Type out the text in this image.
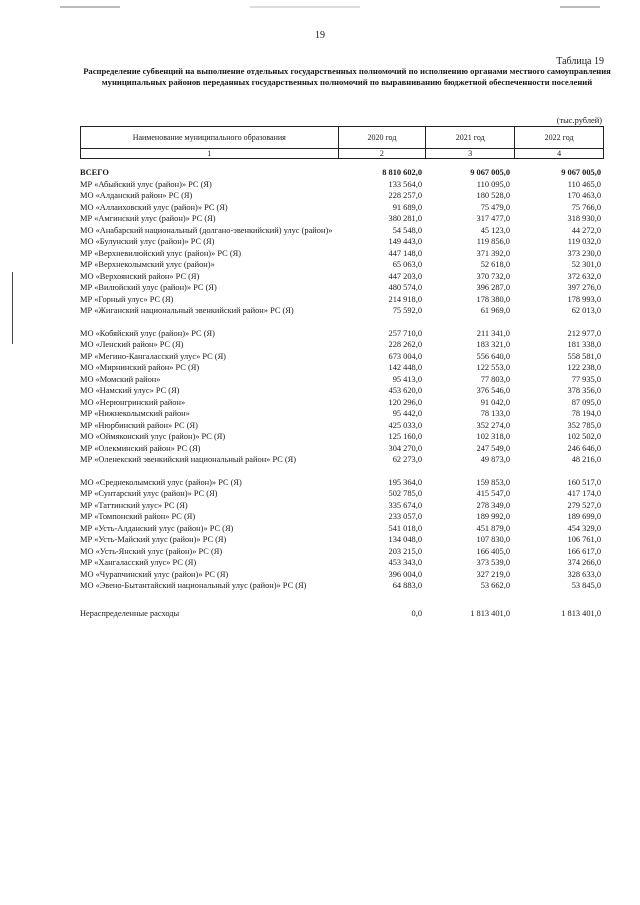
19
Таблица 19
Распределение субвенций на выполнение отдельных государственных полномочий по исполнению органами местного самоуправления муниципальных районов переданных государственных полномочий по выравниванию бюджетной обеспеченности поселений
(тыс.рублей)
Наименование муниципального образования	2020 год	2021 год	2022 год
1	2	3	4
ВСЕГО	8 810 602,0	9 067 005,0	9 067 005,0
МР «Абыйский улус (район)» РС (Я)	133 564,0	110 095,0	110 465,0
МО «Алданский район» РС (Я)	228 257,0	180 528,0	170 463,0
МО «Аллаиховский улус (район)» РС (Я)	91 689,0	75 479,0	75 766,0
МР «Амгинский улус (район)» РС (Я)	380 281,0	317 477,0	318 930,0
МО «Анабарский национальный (долгано-эвенкийский) улус (район)»	54 548,0	45 123,0	44 272,0
МО «Булунский улус (район)» РС (Я)	149 443,0	119 856,0	119 032,0
МР «Верхневилюйский улус (район)» РС (Я)	447 148,0	371 392,0	373 230,0
МР «Верхнеколымский улус (район)»	65 063,0	52 618,0	52 301,0
МО «Верхоянский район» РС (Я)	447 203,0	370 732,0	372 632,0
МР «Вилюйский улус (район)» РС (Я)	480 574,0	396 287,0	397 276,0
МР «Горный улус» РС (Я)	214 918,0	178 380,0	178 993,0
МР «Жиганский национальный эвенкийский район» РС (Я)	75 592,0	61 969,0	62 013,0
МО «Кобяйский улус (район)» РС (Я)	257 710,0	211 341,0	212 977,0
МО «Ленский район» РС (Я)	228 262,0	183 321,0	181 338,0
МР «Мегино-Кангаласский улус» РС (Я)	673 004,0	556 640,0	558 581,0
МО «Мирнинский район» РС (Я)	142 448,0	122 553,0	122 238,0
МО «Момский район»	95 413,0	77 803,0	77 935,0
МО «Намский улус» РС (Я)	453 620,0	376 546,0	378 356,0
МО «Нерюнгринский район»	120 296,0	91 042,0	87 095,0
МР «Нижнеколымский район»	95 442,0	78 133,0	78 194,0
МР «Нюрбинский район» РС (Я)	425 033,0	352 274,0	352 785,0
МО «Оймяконский улус (район)» РС (Я)	125 160,0	102 318,0	102 502,0
МР «Олекминский район» РС (Я)	304 270,0	247 549,0	246 646,0
МР «Оленекский эвенкийский национальный район» РС (Я)	62 273,0	49 873,0	48 216,0
МО «Среднеколымский улус (район)» РС (Я)	195 364,0	159 853,0	160 517,0
МР «Сунтарский улус (район)» РС (Я)	502 785,0	415 547,0	417 174,0
МР «Таттинский улус» РС (Я)	335 674,0	278 349,0	279 527,0
МР «Томпонский район» РС (Я)	233 057,0	189 992,0	189 699,0
МР «Усть-Алданский улус (район)» РС (Я)	541 018,0	451 879,0	454 329,0
МР «Усть-Майский улус (район)» РС (Я)	134 048,0	107 830,0	106 761,0
МО «Усть-Янский улус (район)» РС (Я)	203 215,0	166 405,0	166 617,0
МР «Хангаласский улус» РС (Я)	453 343,0	373 539,0	374 266,0
МО «Чурапчинский улус (район)» РС (Я)	396 004,0	327 219,0	328 633,0
МО «Эвено-Бытантайский национальный улус (район)» РС (Я)	64 883,0	53 662,0	53 845,0
Нераспределенные расходы	0,0	1 813 401,0	1 813 401,0
